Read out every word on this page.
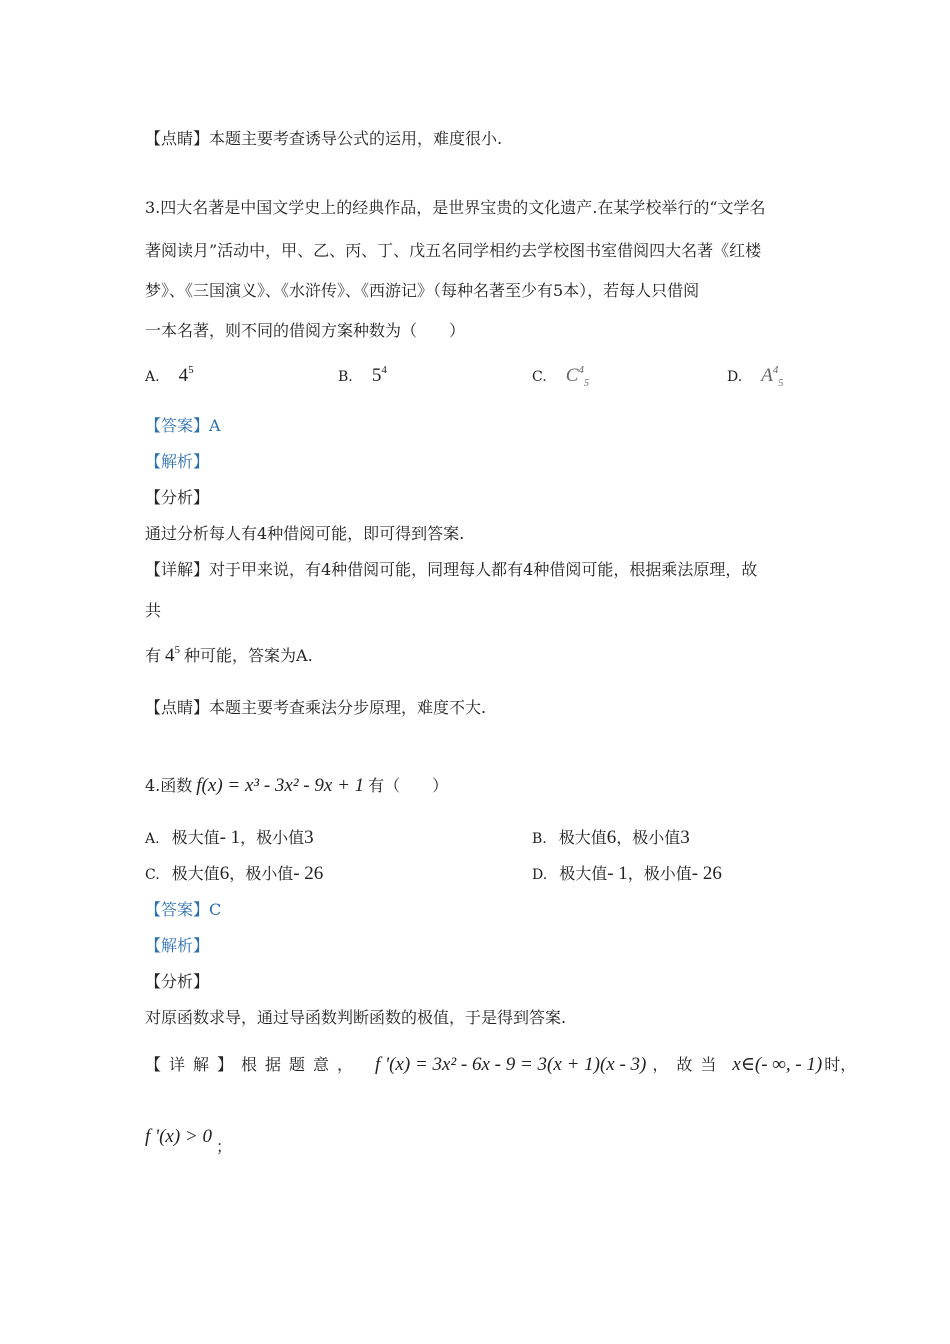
【点睛】本题主要考查诱导公式的运用，难度很小.
3.四大名著是中国文学史上的经典作品，是世界宝贵的文化遗产.在某学校举行的“文学名
著阅读月”活动中，甲、乙、丙、丁、戊五名同学相约去学校图书室借阅四大名著《红楼
梦》、《三国演义》、《水浒传》、《西游记》（每种名著至少有5本），若每人只借阅
一本名著，则不同的借阅方案种数为（　　）
A. $4^5$	B. $5^4$	C. $C^4_5$	D. $A^4_5$
【答案】A
【解析】
【分析】
通过分析每人有4种借阅可能，即可得到答案.
【详解】对于甲来说，有4种借阅可能，同理每人都有4种借阅可能，根据乘法原理，故
共
有 $4^5$ 种可能，答案为A.
【点睛】本题主要考查乘法分步原理，难度不大.
4.函数 f(x) = x³ - 3x² - 9x + 1 有（　　）
A. 极大值- 1，极小值3	B. 极大值6，极小值3
C. 极大值6，极小值- 26	D. 极大值- 1，极小值- 26
【答案】C
【解析】
【分析】
对原函数求导，通过导函数判断函数的极值，于是得到答案.
【详解】根据题意， f '(x) = 3x² - 6x - 9 = 3(x + 1)(x - 3) ，故当 x∈(- ∞, - 1) 时，
f '(x) > 0 ；
